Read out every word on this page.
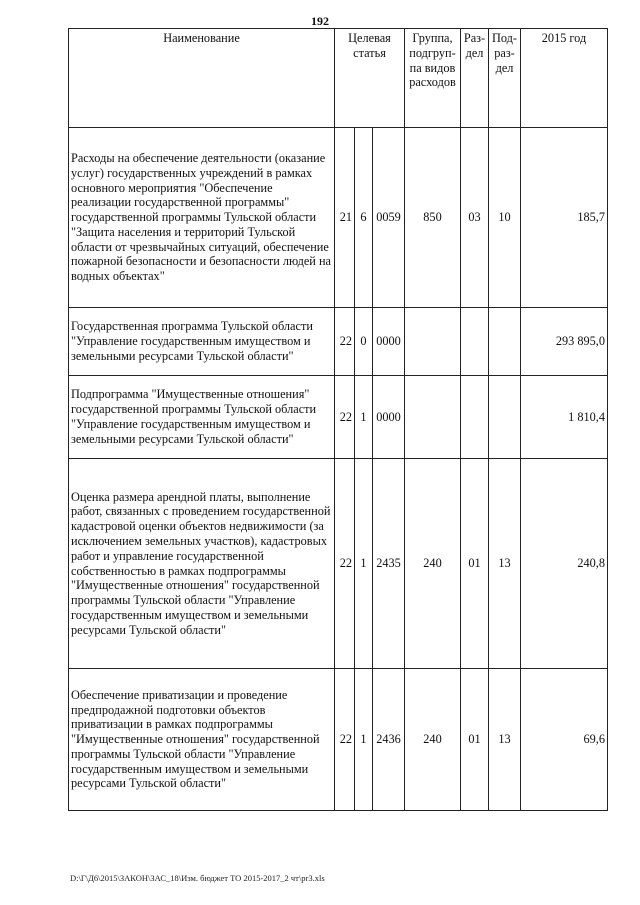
192
Наименование	Целевая статья			Группа, подгруп-па видов расходов	Раз-дел	Под-раз-дел	2015 год
Расходы на обеспечение деятельности (оказание услуг) государственных учреждений в рамках основного мероприятия "Обеспечение реализации государственной программы" государственной программы Тульской области "Защита населения и территорий Тульской области от чрезвычайных ситуаций, обеспечение пожарной безопасности и безопасности людей на водных объектах"	21	6	0059	850	03	10	185,7
Государственная программа Тульской области "Управление государственным имуществом и земельными ресурсами Тульской области"	22	0	0000				293 895,0
Подпрограмма "Имущественные отношения" государственной программы Тульской области "Управление государственным имуществом и земельными ресурсами Тульской области"	22	1	0000				1 810,4
Оценка размера арендной платы, выполнение работ, связанных с проведением государственной кадастровой оценки объектов недвижимости (за исключением земельных участков), кадастровых работ и управление государственной собственностью в рамках подпрограммы "Имущественные отношения" государственной программы Тульской области "Управление государственным имуществом и земельными ресурсами Тульской области"	22	1	2435	240	01	13	240,8
Обеспечение приватизации и проведение предпродажной подготовки объектов приватизации в рамках подпрограммы "Имущественные отношения" государственной программы Тульской области "Управление государственным имуществом и земельными ресурсами Тульской области"	22	1	2436	240	01	13	69,6
D:\Г\Д6\2015\ЗАКОН\ЗАС_18\Изм. бюджет ТО 2015-2017_2 чт\pr3.xls
